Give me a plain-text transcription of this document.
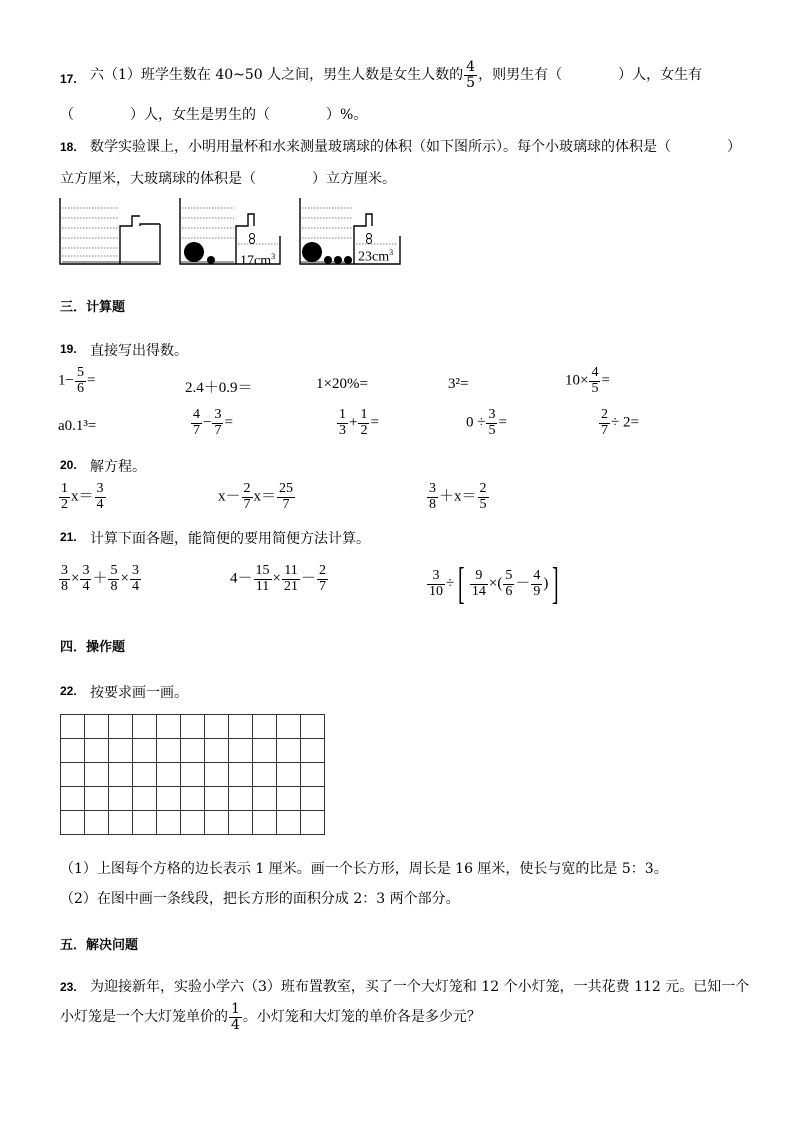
17. 六（1）班学生数在 40~50 人之间，男生人数是女生人数的 $\frac{4}{5}$ ，则男生有（　　　　）人，女生有
（　　　　）人，女生是男生的（　　　　）%。
18. 数学实验课上，小明用量杯和水来测量玻璃球的体积（如下图所示）。每个小玻璃球的体积是（　　　　）
立方厘米，大玻璃球的体积是（　　　　）立方厘米。
$17cm^3$	$23cm^3$
三．计算题
19. 直接写出得数。
$1- \frac{5}{6}$ =	2.4＋0.9＝	1×20%=	3²=	$10\times \frac{4}{5}$ =
a0.1³=	$\frac{4}{7} - \frac{3}{7}$ =	$\frac{1}{3} + \frac{1}{2}$ =	$0 \div \frac{3}{5}$ =	$\frac{2}{7} \div 2=$
20. 解方程。
$\frac{1}{2} x= \frac{3}{4}$	$x- \frac{2}{7} x= \frac{25}{7}$	$\frac{3}{8} +x= \frac{2}{5}$
21. 计算下面各题，能简便的要用简便方法计算。
$\frac{3}{8} \times \frac{3}{4} + \frac{5}{8} \times \frac{3}{4}$	$4- \frac{15}{11} \times \frac{11}{21} - \frac{2}{7}$	$\frac{3}{10}$ ÷[ $\frac{9}{14}$ ×( $\frac{5}{6} - \frac{4}{9}$ )]
四．操作题
22. 按要求画一画。

（1）上图每个方格的边长表示 1 厘米。画一个长方形，周长是 16 厘米，使长与宽的比是 5：3。
（2）在图中画一条线段，把长方形的面积分成 2：3 两个部分。
五．解决问题
23. 为迎接新年，实验小学六（3）班布置教室，买了一个大灯笼和 12 个小灯笼，一共花费 112 元。已知一个
小灯笼是一个大灯笼单价的 $\frac{1}{4}$ 。小灯笼和大灯笼的单价各是多少元？
